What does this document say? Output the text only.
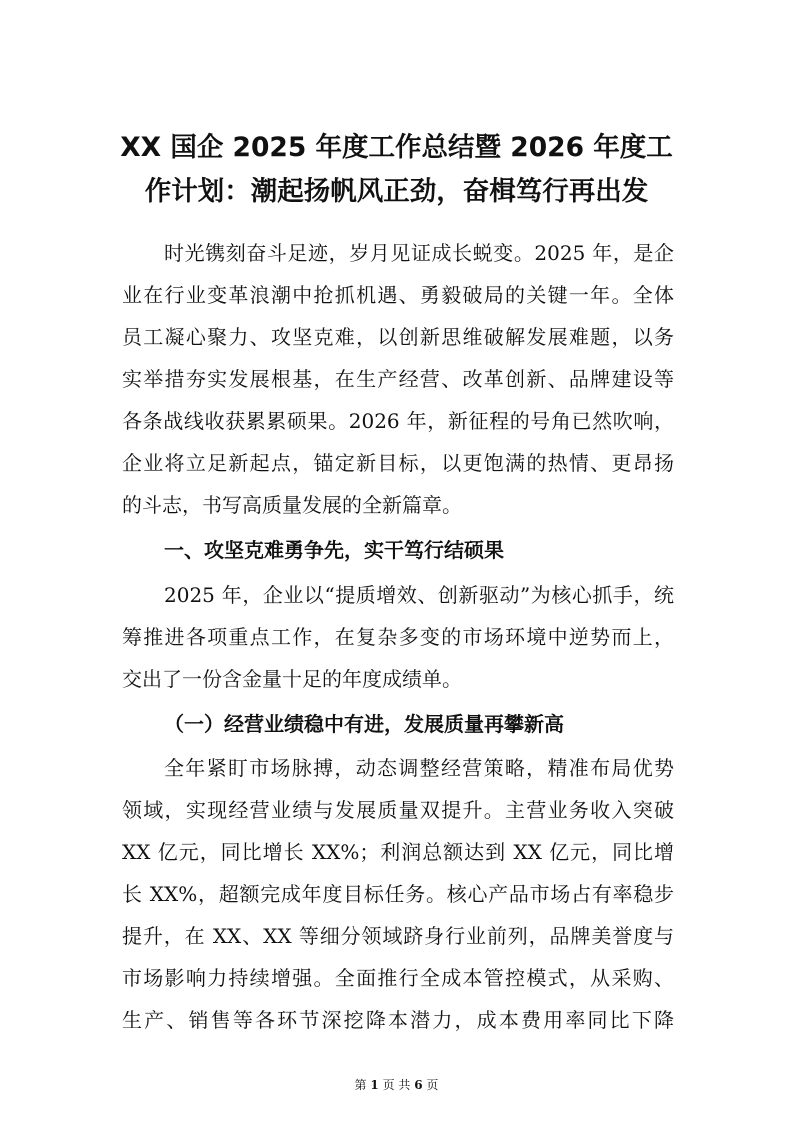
XX 国企 2025 年度工作总结暨 2026 年度工
作计划：潮起扬帆风正劲，奋楫笃行再出发
时光镌刻奋斗足迹，岁月见证成长蜕变。2025 年，是企
业在行业变革浪潮中抢抓机遇、勇毅破局的关键一年。全体
员工凝心聚力、攻坚克难，以创新思维破解发展难题，以务
实举措夯实发展根基，在生产经营、改革创新、品牌建设等
各条战线收获累累硕果。2026 年，新征程的号角已然吹响，
企业将立足新起点，锚定新目标，以更饱满的热情、更昂扬
的斗志，书写高质量发展的全新篇章。
一、攻坚克难勇争先，实干笃行结硕果
2025 年，企业以“提质增效、创新驱动”为核心抓手，统
筹推进各项重点工作，在复杂多变的市场环境中逆势而上，
交出了一份含金量十足的年度成绩单。
（一）经营业绩稳中有进，发展质量再攀新高
全年紧盯市场脉搏，动态调整经营策略，精准布局优势
领域，实现经营业绩与发展质量双提升。主营业务收入突破
XX 亿元，同比增长 XX%；利润总额达到 XX 亿元，同比增
长 XX%，超额完成年度目标任务。核心产品市场占有率稳步
提升，在 XX、XX 等细分领域跻身行业前列，品牌美誉度与
市场影响力持续增强。全面推行全成本管控模式，从采购、
生产、销售等各环节深挖降本潜力，成本费用率同比下降
第 1 页 共 6 页
